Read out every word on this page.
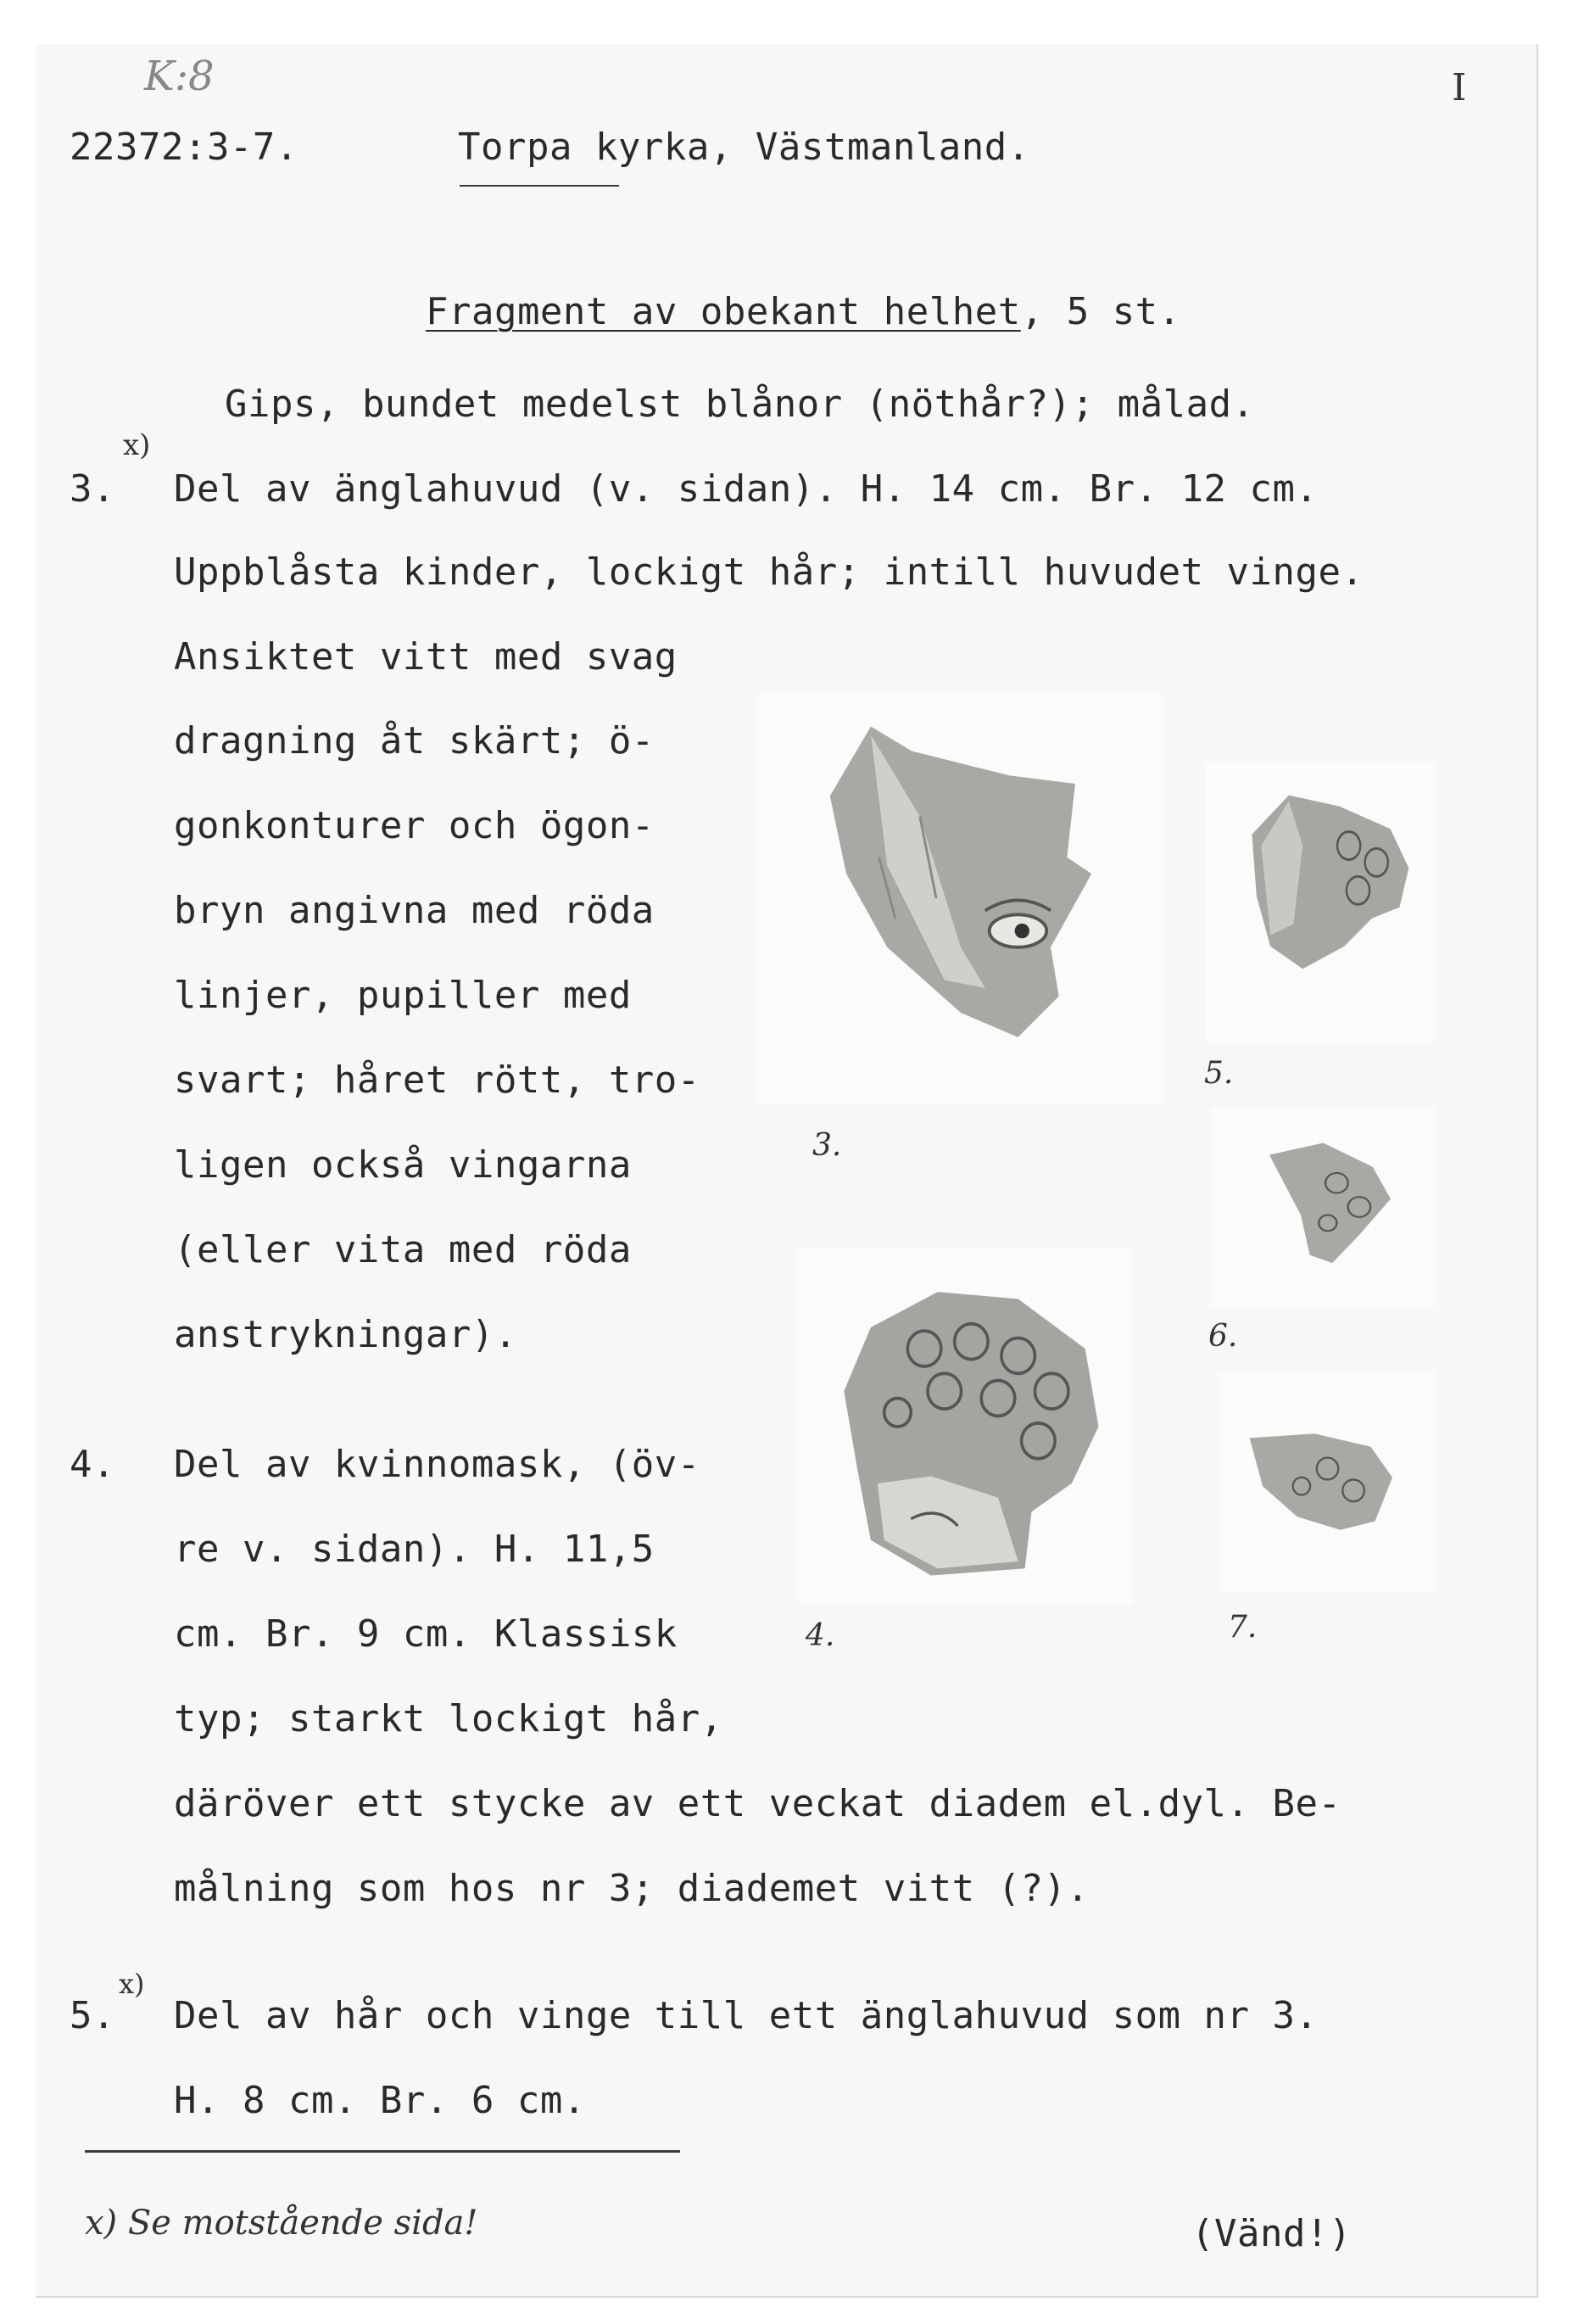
K:8	I
22372:3-7.	Torpa kyrka, Västmanland.

Fragment av obekant helhet, 5 st.

Gips, bundet medelst blånor (nöthår?); målad.
3.
x)
Del av änglahuvud (v. sidan). H. 14 cm. Br. 12 cm.
Uppblåsta kinder, lockigt hår; intill huvudet vinge.
Ansiktet vitt med svag
dragning åt skärt; ö-
gonkonturer och ögon-
bryn angivna med röda
linjer, pupiller med
svart; håret rött, tro-
ligen också vingarna
(eller vita med röda
anstrykningar).
4. Del av kvinnomask, (öv-
re v. sidan). H. 11,5
cm. Br. 9 cm. Klassisk
typ; starkt lockigt hår,
däröver ett stycke av ett veckat diadem el.dyl. Be-
målning som hos nr 3; diademet vitt (?).
5.
x)
Del av hår och vinge till ett änglahuvud som nr 3.
H. 8 cm. Br. 6 cm.
x) Se motstående sida!	(Vänd!)
3.
4.
5.
6.
7.
